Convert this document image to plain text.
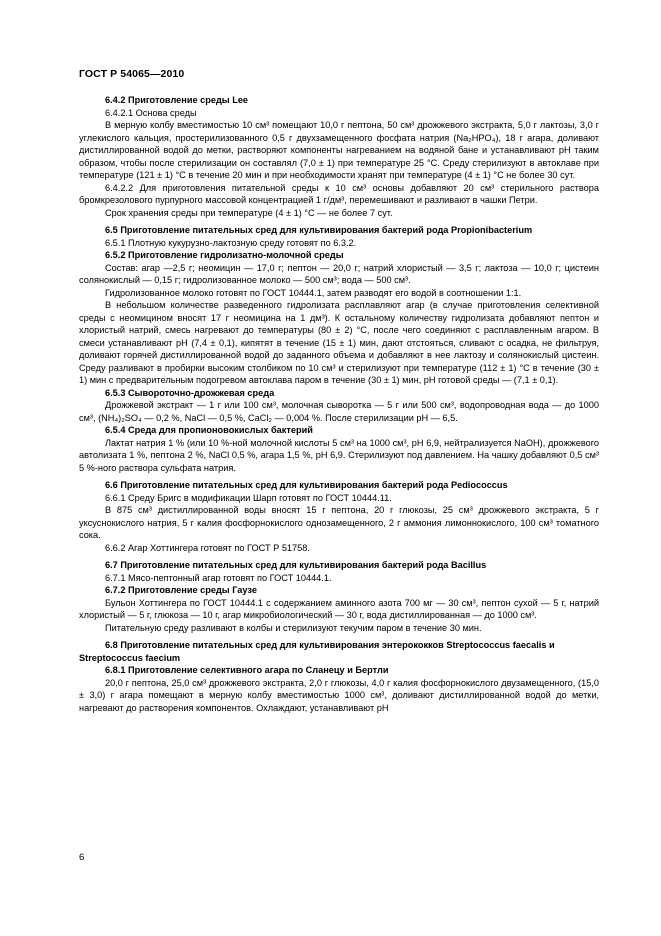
ГОСТ Р 54065—2010
6.4.2 Приготовление среды Lee
6.4.2.1 Основа среды
В мерную колбу вместимостью 10 см³ помещают 10,0 г пептона, 50 см³ дрожжевого экстракта, 5,0 г лактозы, 3,0 г углекислого кальция, простерилизованного 0,5 г двухзамещенного фосфата натрия (Na₂HPO₄), 18 г агара, доливают дистиллированной водой до метки, растворяют компоненты нагреванием на водяной бане и устанавливают pH таким образом, чтобы после стерилизации он составлял (7,0 ± 1) при температуре 25 °С. Среду стерилизуют в автоклаве при температуре (121 ± 1) °С в течение 20 мин и при необходимости хранят при температуре (4 ± 1) °С не более 30 сут.
6.4.2.2 Для приготовления питательной среды к 10 см³ основы добавляют 20 см³ стерильного раствора бромкрезолового пурпурного массовой концентрацией 1 г/дм³, перемешивают и разливают в чашки Петри.
Срок хранения среды при температуре (4 ± 1) °С — не более 7 сут.
6.5 Приготовление питательных сред для культивирования бактерий рода Propionibacterium
6.5.1 Плотную кукурузно-лактозную среду готовят по 6.3.2.
6.5.2 Приготовление гидролизатно-молочной среды
Состав: агар —2,5 г; неомицин — 17,0 г; пептон — 20,0 г; натрий хлористый — 3,5 г; лактоза — 10,0 г; цистеин солянокислый — 0,15 г; гидролизованное молоко — 500 см³; вода — 500 см³.
Гидролизованное молоко готовят по ГОСТ 10444.1, затем разводят его водой в соотношении 1:1.
В небольшом количестве разведенного гидролизата расплавляют агар (в случае приготовления селективной среды с неомицином вносят 17 г неомицина на 1 дм³). К остальному количеству гидролизата добавляют пептон и хлористый натрий, смесь нагревают до температуры (80 ± 2) °С, после чего соединяют с расплавленным агаром. В смеси устанавливают pH (7,4 ± 0,1), кипятят в течение (15 ± 1) мин, дают отстояться, сливают с осадка, не фильтруя, доливают горячей дистиллированной водой до заданного объема и добавляют в нее лактозу и солянокислый цистеин. Среду разливают в пробирки высоким столбиком по 10 см³ и стерилизуют при температуре (112 ± 1) °С в течение (30 ± 1) мин с предварительным подогревом автоклава паром в течение (30 ± 1) мин, pH готовой среды — (7,1 ± 0,1).
6.5.3 Сывороточно-дрожжевая среда
Дрожжевой экстракт — 1 г или 100 см³, молочная сыворотка — 5 г или 500 см³, водопроводная вода — до 1000 см³, (NH₄)₂SO₄ — 0,2 %, NaCl — 0,5 %, CaCl₂ — 0,004 %. После стерилизации pH — 6,5.
6.5.4 Среда для пропионовокислых бактерий
Лактат натрия 1 % (или 10 %-ной молочной кислоты 5 см³ на 1000 см³, pH 6,9, нейтрализуется NaOH), дрожжевого автолизата 1 %, пептона 2 %, NaCl 0,5 %, агара 1,5 %, pH 6,9. Стерилизуют под давлением. На чашку добавляют 0,5 см³ 5 %-ного раствора сульфата натрия.
6.6 Приготовление питательных сред для культивирования бактерий рода Pediococcus
6.6.1 Среду Бригс в модификации Шарп готовят по ГОСТ 10444.11.
В 875 см³ дистиллированной воды вносят 15 г пептона, 20 г глюкозы, 25 см³ дрожжевого экстракта, 5 г уксуснокислого натрия, 5 г калия фосфорнокислого однозамещенного, 2 г аммония лимоннокислого, 100 см³ томатного сока.
6.6.2 Агар Хоттингера готовят по ГОСТ Р 51758.
6.7 Приготовление питательных сред для культивирования бактерий рода Bacillus
6.7.1 Мясо-пептонный агар готовят по ГОСТ 10444.1.
6.7.2 Приготовление среды Гаузе
Бульон Хоттингера по ГОСТ 10444.1 с содержанием аминного азота 700 мг — 30 см³, пептон сухой — 5 г, натрий хлористый — 5 г, глюкоза — 10 г, агар микробиологический — 30 г, вода дистиллированная — до 1000 см³.
Питательную среду разливают в колбы и стерилизуют текучим паром в течение 30 мин.
6.8 Приготовление питательных сред для культивирования энтерококков Streptococcus faecalis и Streptococcus faecium
6.8.1 Приготовление селективного агара по Сланецу и Бертли
20,0 г пептона, 25,0 см³ дрожжевого экстракта, 2,0 г глюкозы, 4,0 г калия фосфорнокислого двузамещенного, (15,0 ± 3,0) г агара помещают в мерную колбу вместимостью 1000 см³, доливают дистиллированной водой до метки, нагревают до растворения компонентов. Охлаждают, устанавливают pH
6
